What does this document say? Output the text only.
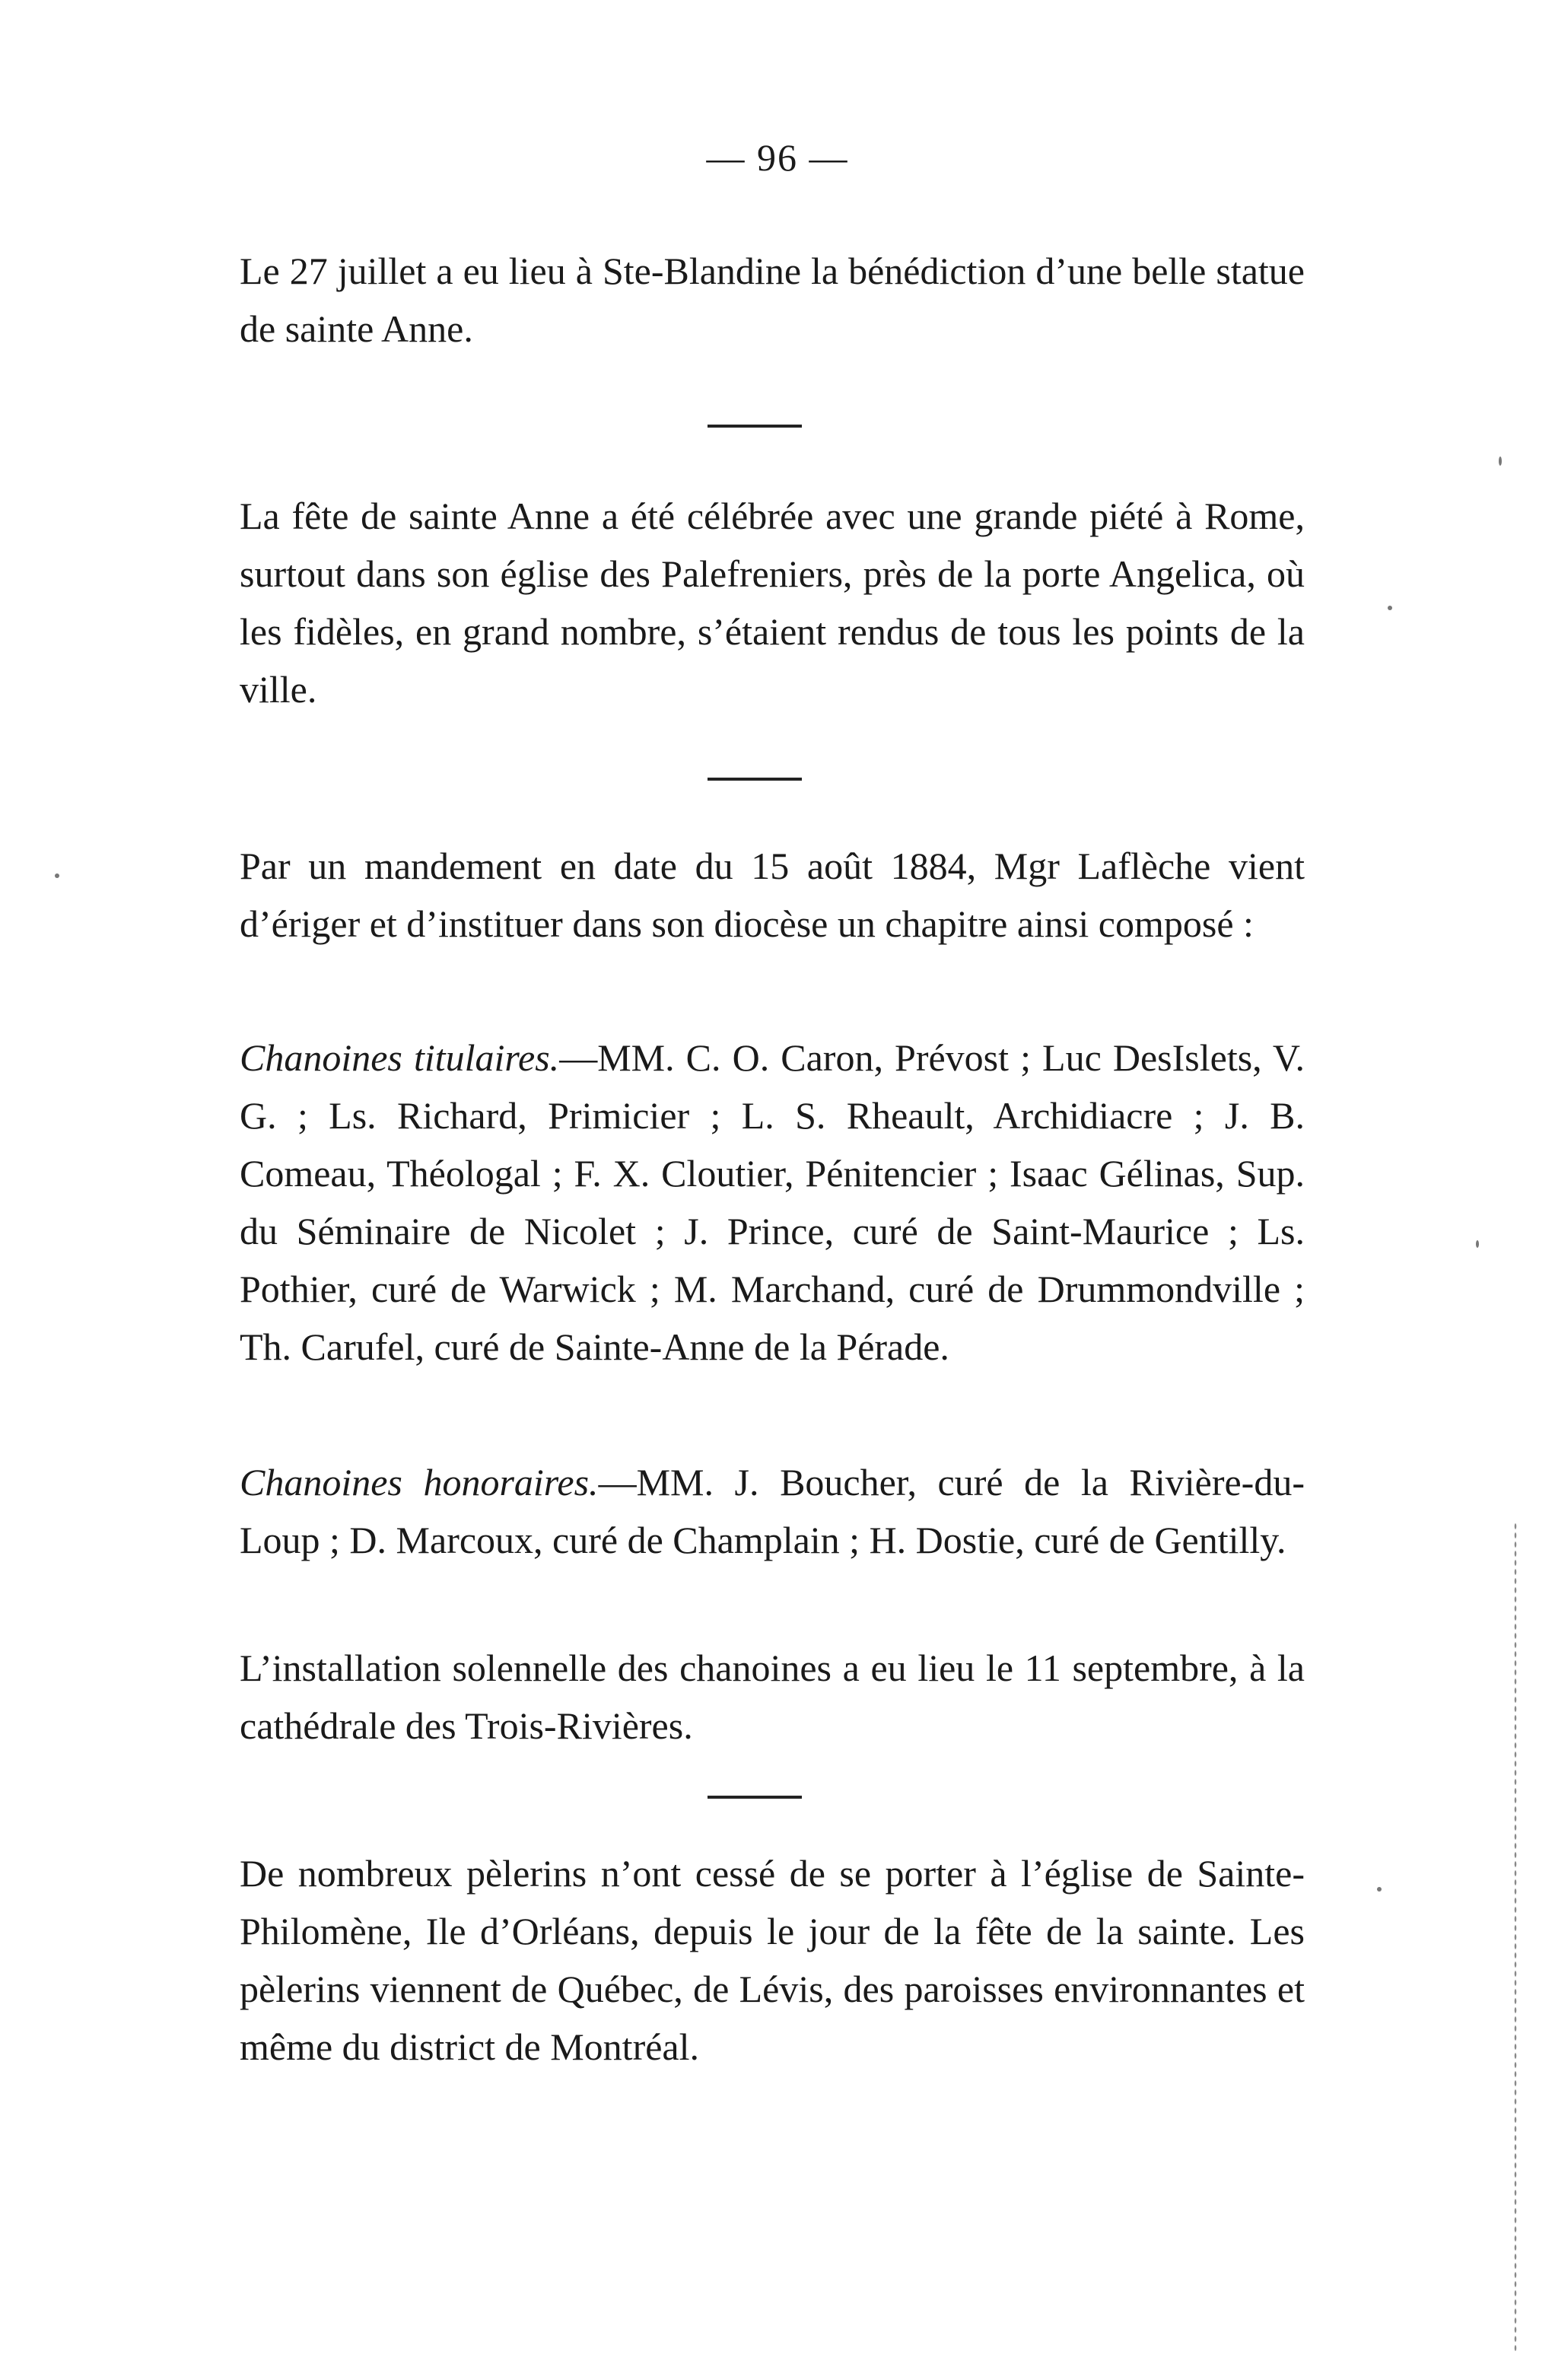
— 96 —
Le 27 juillet a eu lieu à Ste-Blandine la bénédiction d’une belle statue de sainte Anne.
La fête de sainte Anne a été célébrée avec une grande piété à Rome, surtout dans son église des Palefreniers, près de la porte Angelica, où les fidèles, en grand nombre, s’étaient rendus de tous les points de la ville.
Par un mandement en date du 15 août 1884, Mgr Laflèche vient d’ériger et d’instituer dans son diocèse un chapitre ainsi composé :
Chanoines titulaires.—MM. C. O. Caron, Prévost ; Luc DesIslets, V. G. ; Ls. Richard, Primicier ; L. S. Rheault, Archidiacre ; J. B. Comeau, Théologal ; F. X. Cloutier, Pénitencier ; Isaac Gélinas, Sup. du Séminaire de Nicolet ; J. Prince, curé de Saint-Maurice ; Ls. Pothier, curé de Warwick ; M. Marchand, curé de Drummondville ; Th. Carufel, curé de Sainte-Anne de la Pérade.
Chanoines honoraires.—MM. J. Boucher, curé de la Rivière-du-Loup ; D. Marcoux, curé de Champlain ; H. Dostie, curé de Gentilly.
L’installation solennelle des chanoines a eu lieu le 11 septembre, à la cathédrale des Trois-Rivières.
De nombreux pèlerins n’ont cessé de se porter à l’église de Sainte-Philomène, Ile d’Orléans, depuis le jour de la fête de la sainte. Les pèlerins viennent de Québec, de Lévis, des paroisses environnantes et même du district de Montréal.
